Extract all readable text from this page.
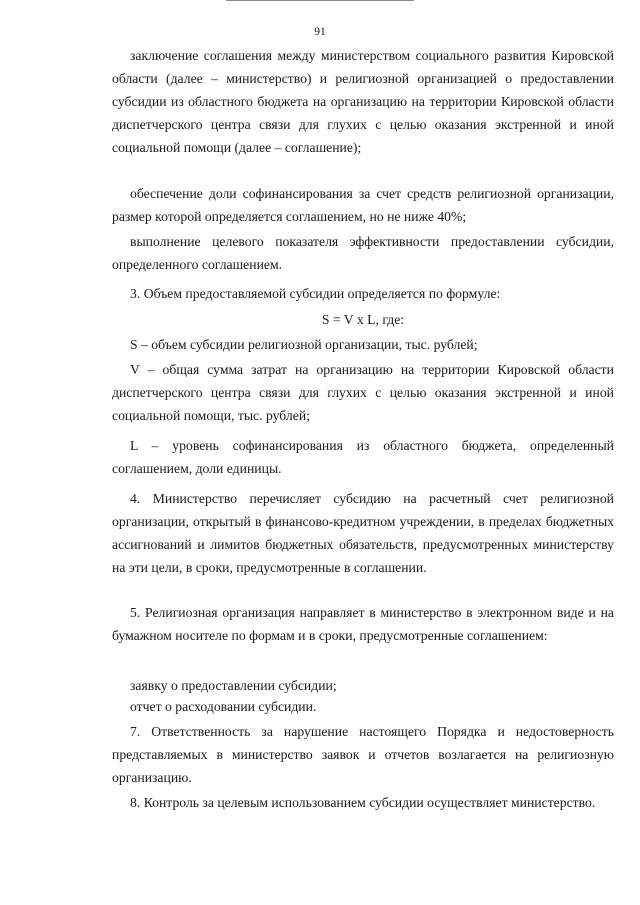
91

заключение соглашения между министерством социального развития Кировской области (далее – министерство) и религиозной организацией о предоставлении субсидии из областного бюджета на организацию на территории Кировской области диспетчерского центра связи для глухих с целью оказания экстренной и иной социальной помощи (далее – соглашение);

обеспечение доли софинансирования за счет средств религиозной организации, размер которой определяется соглашением, но не ниже 40%;

выполнение целевого показателя эффективности предоставлении субсидии, определенного соглашением.

3. Объем предоставляемой субсидии определяется по формуле:

S = V x L, где:

S – объем субсидии религиозной организации, тыс. рублей;

V – общая сумма затрат на организацию на территории Кировской области диспетчерского центра связи для глухих с целью оказания экстренной и иной социальной помощи, тыс. рублей;

L – уровень софинансирования из областного бюджета, определенный соглашением, доли единицы.

4. Министерство перечисляет субсидию на расчетный счет религиозной организации, открытый в финансово-кредитном учреждении, в пределах бюджетных ассигнований и лимитов бюджетных обязательств, предусмотренных министерству на эти цели, в сроки, предусмотренные в соглашении.

5. Религиозная организация направляет в министерство в электронном виде и на бумажном носителе по формам и в сроки, предусмотренные соглашением:

заявку о предоставлении субсидии;

отчет о расходовании субсидии.

7. Ответственность за нарушение настоящего Порядка и недостоверность представляемых в министерство заявок и отчетов возлагается на религиозную организацию.

8. Контроль за целевым использованием субсидии осуществляет министерство.
